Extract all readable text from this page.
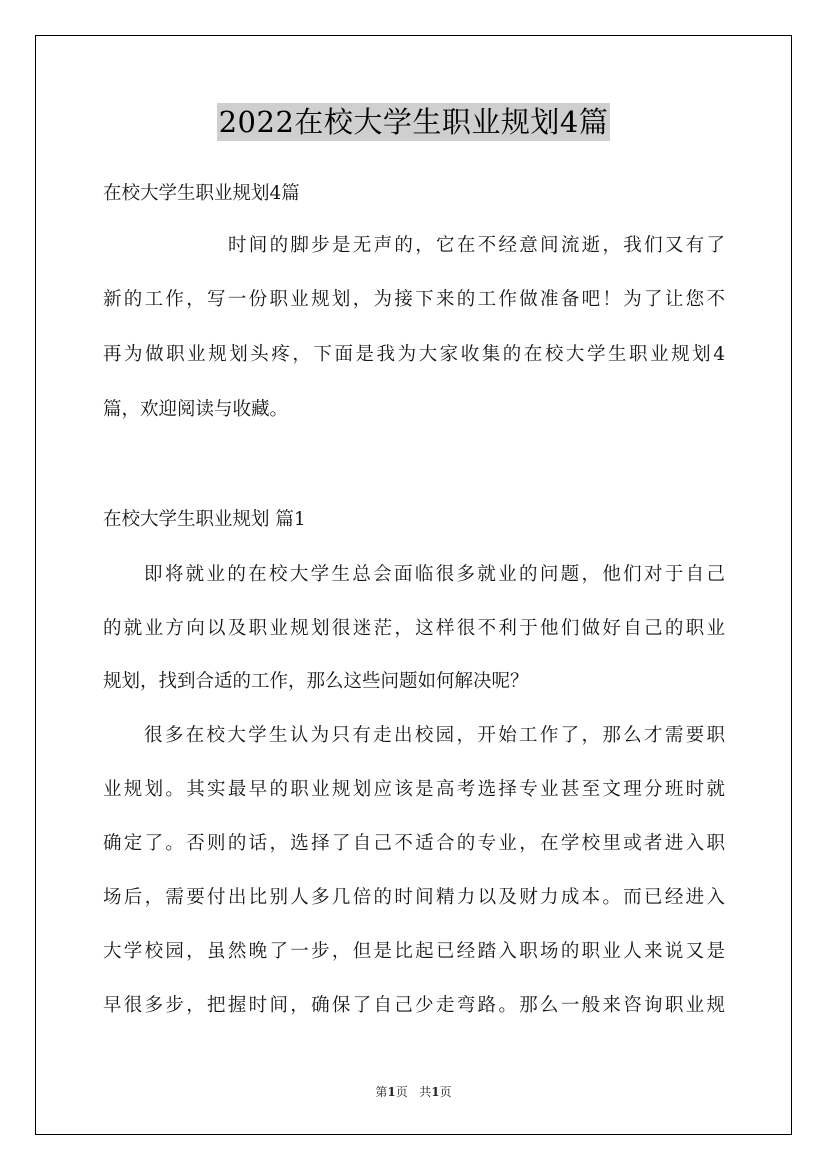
2022在校大学生职业规划4篇
在校大学生职业规划4篇
时间的脚步是无声的，它在不经意间流逝，我们又有了
新的工作，写一份职业规划，为接下来的工作做准备吧！为了让您不
再为做职业规划头疼，下面是我为大家收集的在校大学生职业规划4
篇，欢迎阅读与收藏。
在校大学生职业规划 篇1
即将就业的在校大学生总会面临很多就业的问题，他们对于自己
的就业方向以及职业规划很迷茫，这样很不利于他们做好自己的职业
规划，找到合适的工作，那么这些问题如何解决呢？
很多在校大学生认为只有走出校园，开始工作了，那么才需要职
业规划。其实最早的职业规划应该是高考选择专业甚至文理分班时就
确定了。否则的话，选择了自己不适合的专业，在学校里或者进入职
场后，需要付出比别人多几倍的时间精力以及财力成本。而已经进入
大学校园，虽然晚了一步，但是比起已经踏入职场的职业人来说又是
早很多步，把握时间，确保了自己少走弯路。那么一般来咨询职业规
第1页 共1页
